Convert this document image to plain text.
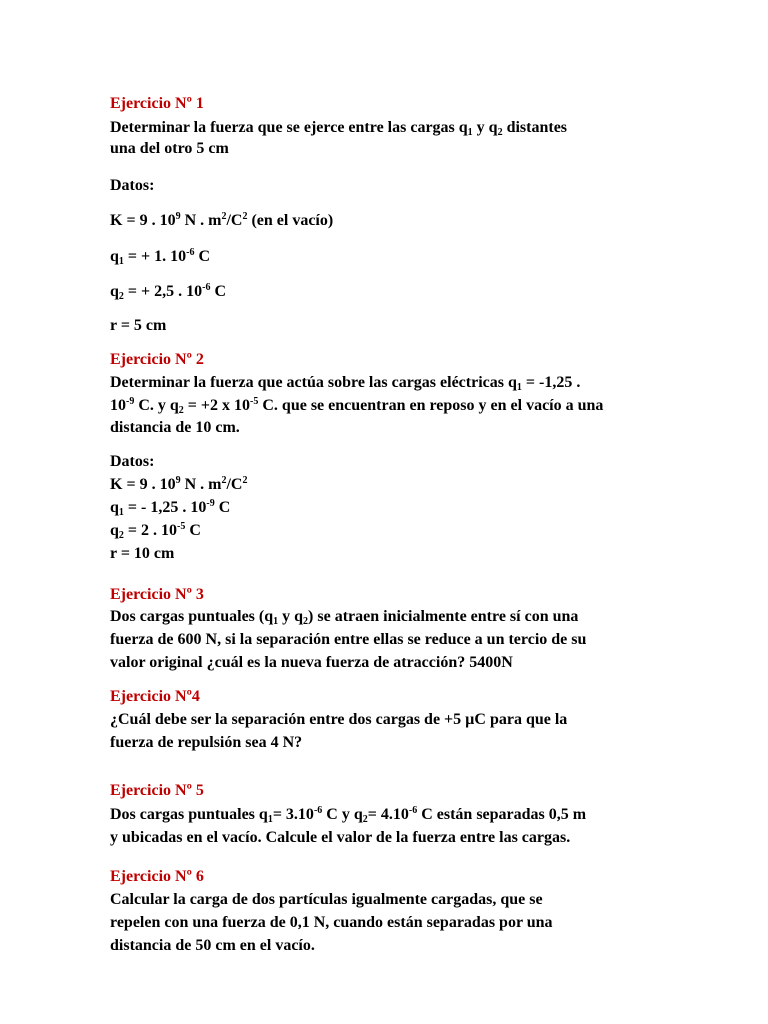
Ejercicio Nº 1
Determinar la fuerza que se ejerce entre las cargas $q_1$ y $q_2$ distantes
una del otro 5 cm
Datos:
K = 9 . $10^9$ N . $m^2/C^2$ (en el vacío)
$q_1$ = + 1. $10^{-6}$ C
$q_2$ = + 2,5 . $10^{-6}$ C
r = 5 cm
Ejercicio Nº 2
Determinar la fuerza que actúa sobre las cargas eléctricas $q_1 = -1,25$ .
$10^{-9}$ C. y $q_2 = +2$ x $10^{-5}$ C. que se encuentran en reposo y en el vacío a una
distancia de 10 cm.
Datos:
K = 9 . $10^9$ N . $m^2/C^2$
$q_1$ = - 1,25 . $10^{-9}$ C
$q_2 = 2$ . $10^{-5}$ C
r = 10 cm
Ejercicio Nº 3
Dos cargas puntuales ($q_1$ y $q_2$) se atraen inicialmente entre sí con una
fuerza de 600 N, si la separación entre ellas se reduce a un tercio de su
valor original ¿cuál es la nueva fuerza de atracción? 5400N
Ejercicio Nº4
¿Cuál debe ser la separación entre dos cargas de +5 µC para que la
fuerza de repulsión sea 4 N?
Ejercicio Nº 5
Dos cargas puntuales $q_1= 3.10^{-6}$ C y $q_2= 4.10^{-6}$ C están separadas 0,5 m
y ubicadas en el vacío. Calcule el valor de la fuerza entre las cargas.
Ejercicio Nº 6
Calcular la carga de dos partículas igualmente cargadas, que se
repelen con una fuerza de 0,1 N, cuando están separadas por una
distancia de 50 cm en el vacío.
